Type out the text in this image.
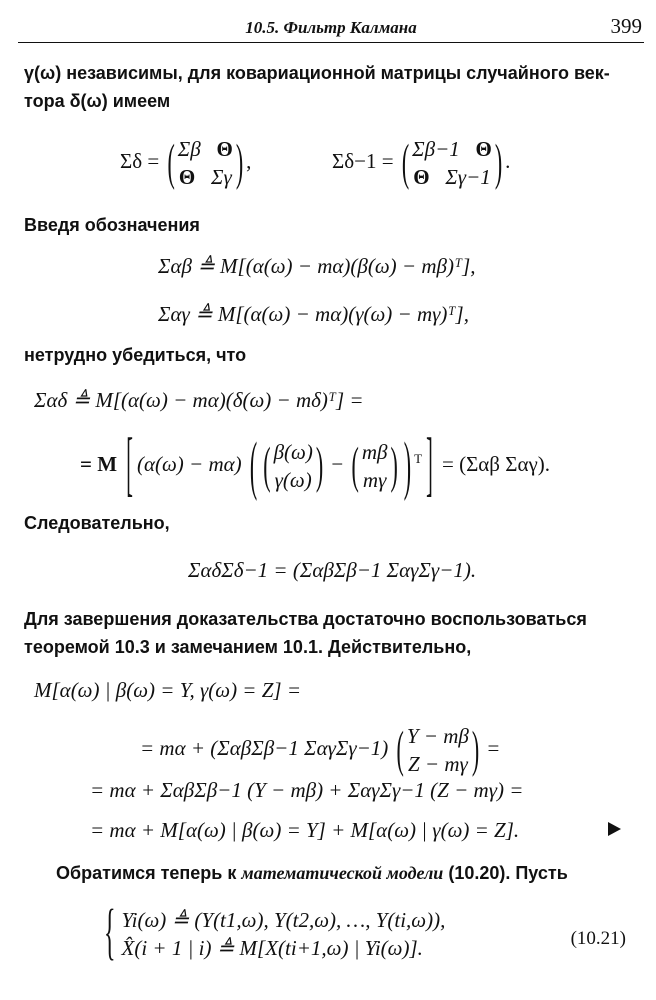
10.5. Фильтр Калмана	399
γ(ω) независимы, для ковариационной матрицы случайного век-
тора δ(ω) имеем
Σδ = ( Σβ Θ
Θ Σγ ) ,	Σδ−1 = ( Σβ−1 Θ
Θ Σγ−1 ) .
Введя обозначения
Σαβ ≜ M[(α(ω) − mα)(β(ω) − mβ)ᵀ],
Σαγ ≜ M[(α(ω) − mα)(γ(ω) − mγ)ᵀ],
нетрудно убедиться, что
Σαδ ≜ M[(α(ω) − mα)(δ(ω) − mδ)ᵀ] =
= M [ (α(ω) − mα) ( ( β(ω)
γ(ω) ) − ( mβ
mγ ) ) $^T$ ] = (Σαβ Σαγ).
Следовательно,
ΣαδΣδ−1 = (ΣαβΣβ−1 ΣαγΣγ−1).
Для завершения доказательства достаточно воспользоваться
теоремой 10.3 и замечанием 10.1. Действительно,
M[α(ω) | β(ω) = Y, γ(ω) = Z] =
= mα + (ΣαβΣβ−1 ΣαγΣγ−1) ( Y − mβ
Z − mγ ) =
= mα + ΣαβΣβ−1 (Y − mβ) + ΣαγΣγ−1 (Z − mγ) =
= mα + M[α(ω) | β(ω) = Y] + M[α(ω) | γ(ω) = Z].
Обратимся теперь к математической модели (10.20). Пусть
{ Yi(ω) ≜ (Y(t1,ω), Y(t2,ω), …, Y(ti,ω)),
X̂(i + 1 | i) ≜ M[X(ti+1,ω) | Yi(ω)].	(10.21)
